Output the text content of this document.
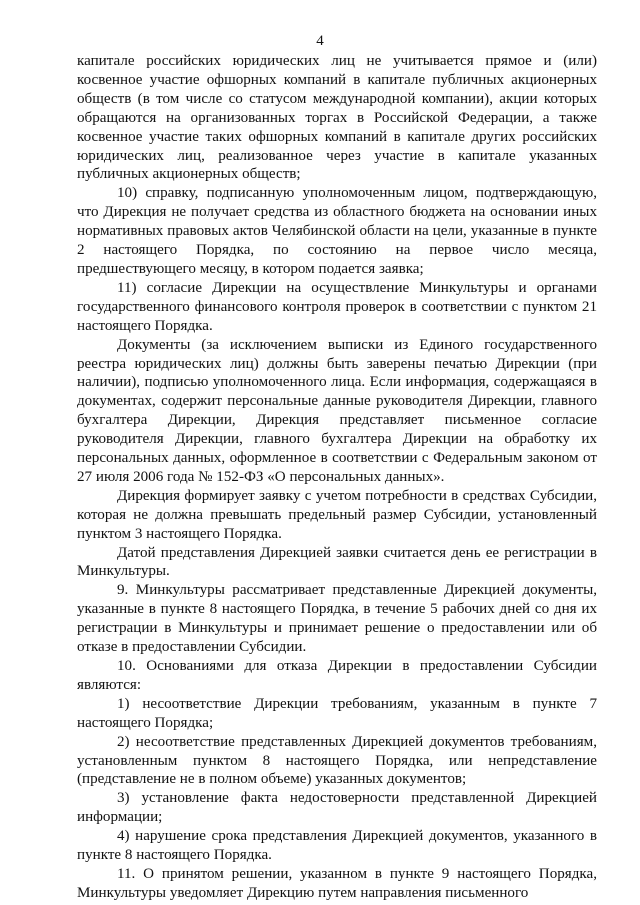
4

капитале российских юридических лиц не учитывается прямое и (или) косвенное участие офшорных компаний в капитале публичных акционерных обществ (в том числе со статусом международной компании), акции которых обращаются на организованных торгах в Российской Федерации, а также косвенное участие таких офшорных компаний в капитале других российских юридических лиц, реализованное через участие в капитале указанных публичных акционерных обществ;

10) справку, подписанную уполномоченным лицом, подтверждающую, что Дирекция не получает средства из областного бюджета на основании иных нормативных правовых актов Челябинской области на цели, указанные в пункте 2 настоящего Порядка, по состоянию на первое число месяца, предшествующего месяцу, в котором подается заявка;

11) согласие Дирекции на осуществление Минкультуры и органами государственного финансового контроля проверок в соответствии с пунктом 21 настоящего Порядка.

Документы (за исключением выписки из Единого государственного реестра юридических лиц) должны быть заверены печатью Дирекции (при наличии), подписью уполномоченного лица. Если информация, содержащаяся в документах, содержит персональные данные руководителя Дирекции, главного бухгалтера Дирекции, Дирекция представляет письменное согласие руководителя Дирекции, главного бухгалтера Дирекции на обработку их персональных данных, оформленное в соответствии с Федеральным законом от 27 июля 2006 года № 152-ФЗ «О персональных данных».

Дирекция формирует заявку с учетом потребности в средствах Субсидии, которая не должна превышать предельный размер Субсидии, установленный пунктом 3 настоящего Порядка.

Датой представления Дирекцией заявки считается день ее регистрации в Минкультуры.

9. Минкультуры рассматривает представленные Дирекцией документы, указанные в пункте 8 настоящего Порядка, в течение 5 рабочих дней со дня их регистрации в Минкультуры и принимает решение о предоставлении или об отказе в предоставлении Субсидии.

10. Основаниями для отказа Дирекции в предоставлении Субсидии являются:

1) несоответствие Дирекции требованиям, указанным в пункте 7 настоящего Порядка;

2) несоответствие представленных Дирекцией документов требованиям, установленным пунктом 8 настоящего Порядка, или непредставление (представление не в полном объеме) указанных документов;

3) установление факта недостоверности представленной Дирекцией информации;

4) нарушение срока представления Дирекцией документов, указанного в пункте 8 настоящего Порядка.

11. О принятом решении, указанном в пункте 9 настоящего Порядка, Минкультуры уведомляет Дирекцию путем направления письменного
